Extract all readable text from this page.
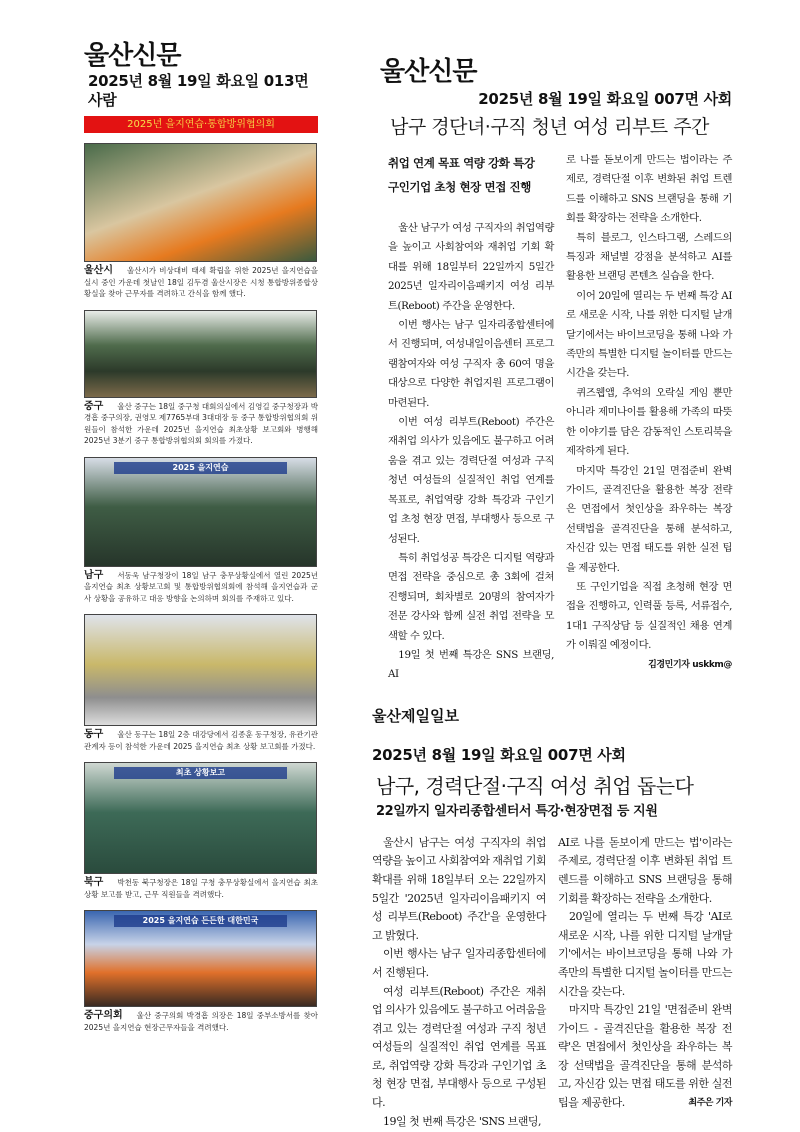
울산신문
2025년 8월 19일 화요일 013면 사람
2025년 을지연습·통합방위협의회
울산시 울산시가 비상대비 태세 확립을 위한 2025년 을지연습을 실시 중인 가운데 첫날인 18일 김두겸 울산시장은 시청 통합방위종합상황실을 찾아 근무자를 격려하고 간식을 함께 했다.
중구 울산 중구는 18일 중구청 대회의실에서 김영길 중구청장과 박경흠 중구의장, 권영모 제7765부대 3대대장 등 중구 통합방위협의회 위원들이 참석한 가운데 2025년 을지연습 최초상황 보고회와 병행해 2025년 3분기 중구 통합방위협의회 회의를 가졌다.
2025 을지연습
남구 서동욱 남구청장이 18일 남구 충무상황실에서 열린 2025년 을지연습 최초 상황보고회 및 통합방위협의회에 참석해 을지연습과 군사 상황을 공유하고 대응 방향을 논의하며 회의를 주재하고 있다.
동구 울산 동구는 18일 2층 대강당에서 김종훈 동구청장, 유관기관 관계자 등이 참석한 가운데 2025 을지연습 최초 상황 보고회를 가졌다.
최초 상황보고
북구 박천동 북구청장은 18일 구청 충무상황실에서 을지연습 최초 상황 보고를 받고, 근무 직원들을 격려했다.
2025 을지연습 든든한 대한민국
중구의회 울산 중구의회 박경흠 의장은 18일 중부소방서를 찾아 2025년 을지연습 현장근무자들을 격려했다.
울산신문
2025년 8월 19일 화요일 007면 사회
남구 경단녀·구직 청년 여성 리부트 주간
취업 연계 목표 역량 강화 특강
구인기업 초청 현장 면접 진행

울산 남구가 여성 구직자의 취업역량을 높이고 사회참여와 재취업 기회 확대를 위해 18일부터 22일까지 5일간 2025년 일자리이음패키지 여성 리부트(Reboot) 주간을 운영한다.

이번 행사는 남구 일자리종합센터에서 진행되며, 여성내일이음센터 프로그램참여자와 여성 구직자 총 60여 명을 대상으로 다양한 취업지원 프로그램이 마련된다.

이번 여성 리부트(Reboot) 주간은 재취업 의사가 있음에도 불구하고 어려움을 겪고 있는 경력단절 여성과 구직 청년 여성들의 실질적인 취업 연계를 목표로, 취업역량 강화 특강과 구인기업 초청 현장 면접, 부대행사 등으로 구성된다.

특히 취업성공 특강은 디지털 역량과 면접 전략을 중심으로 총 3회에 걸쳐 진행되며, 회차별로 20명의 참여자가 전문 강사와 함께 실전 취업 전략을 모색할 수 있다.

19일 첫 번째 특강은 SNS 브랜딩, AI

로 나를 돋보이게 만드는 법이라는 주제로, 경력단절 이후 변화된 취업 트렌드를 이해하고 SNS 브랜딩을 통해 기회를 확장하는 전략을 소개한다.

특히 블로그, 인스타그램, 스레드의 특징과 채널별 강점을 분석하고 AI를 활용한 브랜딩 콘텐츠 실습을 한다.

이어 20일에 열리는 두 번째 특강 AI로 새로운 시작, 나를 위한 디지털 날개달기에서는 바이브코딩을 통해 나와 가족만의 특별한 디지털 놀이터를 만드는 시간을 갖는다.

퀴즈웹앱, 추억의 오락실 게임 뿐만 아니라 제미나이를 활용해 가족의 따뜻한 이야기를 담은 감동적인 스토리북을 제작하게 된다.

마지막 특강인 21일 면접준비 완벽 가이드, 골격진단을 활용한 복장 전략은 면접에서 첫인상을 좌우하는 복장 선택법을 골격진단을 통해 분석하고, 자신감 있는 면접 태도를 위한 실전 팁을 제공한다.

또 구인기업을 직접 초청해 현장 면접을 진행하고, 인력풀 등록, 서류접수, 1대1 구직상담 등 실질적인 채용 연계가 이뤄질 예정이다.
김경민기자 uskkm@

울산제일일보
2025년 8월 19일 화요일 007면 사회
남구, 경력단절·구직 여성 취업 돕는다
22일까지 일자리종합센터서 특강·현장면접 등 지원

울산시 남구는 여성 구직자의 취업역량을 높이고 사회참여와 재취업 기회 확대를 위해 18일부터 오는 22일까지 5일간 '2025년 일자리이음패키지 여성 리부트(Reboot) 주간'을 운영한다고 밝혔다.

이번 행사는 남구 일자리종합센터에서 진행된다.

여성 리부트(Reboot) 주간은 재취업 의사가 있음에도 불구하고 어려움을 겪고 있는 경력단절 여성과 구직 청년 여성들의 실질적인 취업 연계를 목표로, 취업역량 강화 특강과 구인기업 초청 현장 면접, 부대행사 등으로 구성된다.

19일 첫 번째 특강은 'SNS 브랜딩,

AI로 나를 돋보이게 만드는 법'이라는 주제로, 경력단절 이후 변화된 취업 트렌드를 이해하고 SNS 브랜딩을 통해 기회를 확장하는 전략을 소개한다.

20일에 열리는 두 번째 특강 'AI로 새로운 시작, 나를 위한 디지털 날개달기'에서는 바이브코딩을 통해 나와 가족만의 특별한 디지털 놀이터를 만드는 시간을 갖는다.

마지막 특강인 21일 '면접준비 완벽 가이드 - 골격진단을 활용한 복장 전략'은 면접에서 첫인상을 좌우하는 복장 선택법을 골격진단을 통해 분석하고, 자신감 있는 면접 태도를 위한 실전 팁을 제공한다.	최주은 기자
